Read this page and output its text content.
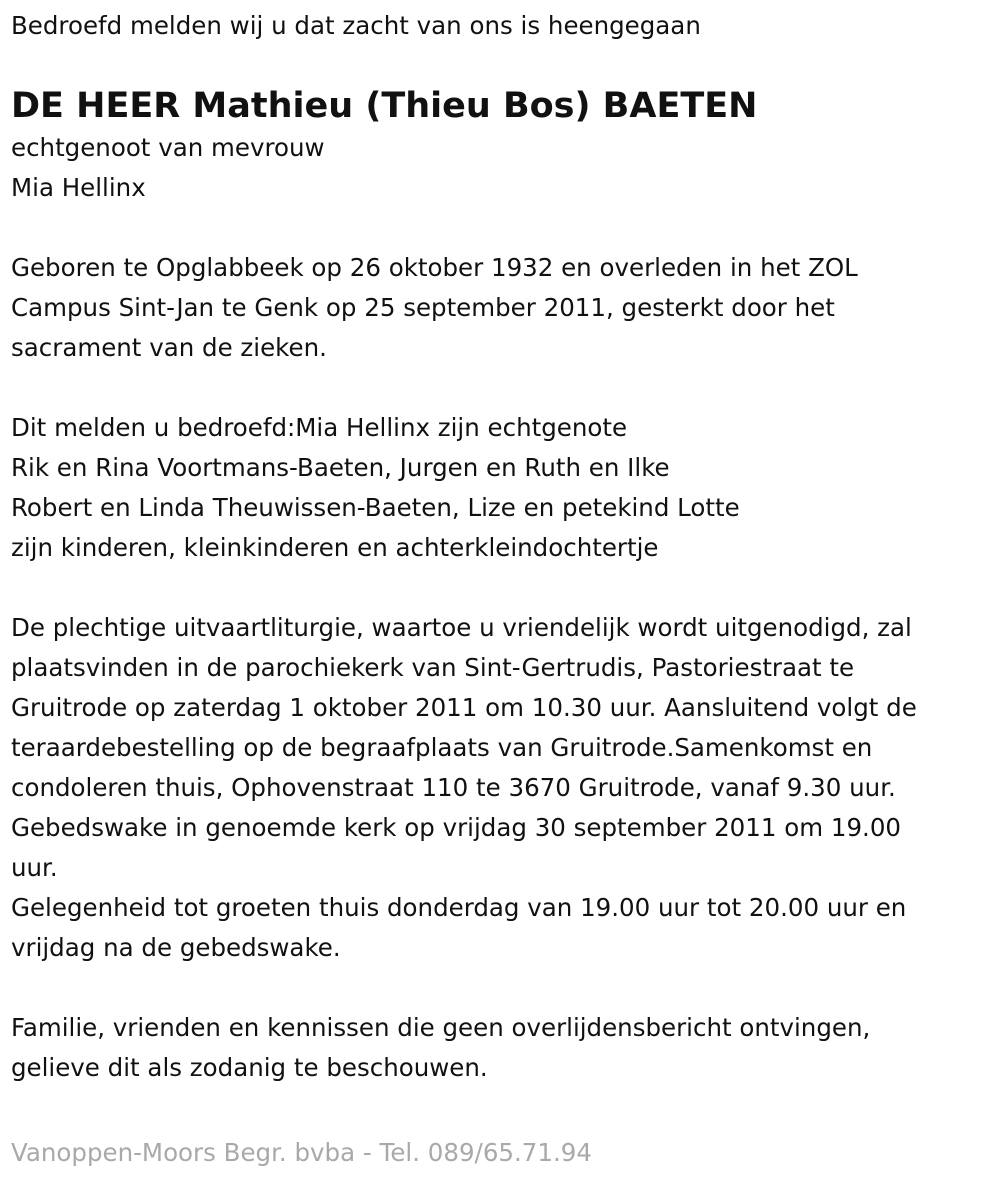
Bedroefd melden wij u dat zacht van ons is heengegaan
DE HEER Mathieu (Thieu Bos) BAETEN
echtgenoot van mevrouw
Mia Hellinx
Geboren te Opglabbeek op 26 oktober 1932 en overleden in het ZOL
Campus Sint-Jan te Genk op 25 september 2011, gesterkt door het
sacrament van de zieken.
Dit melden u bedroefd:Mia Hellinx zijn echtgenote
Rik en Rina Voortmans-Baeten, Jurgen en Ruth en Ilke
Robert en Linda Theuwissen-Baeten, Lize en petekind Lotte
zijn kinderen, kleinkinderen en achterkleindochtertje
De plechtige uitvaartliturgie, waartoe u vriendelijk wordt uitgenodigd, zal
plaatsvinden in de parochiekerk van Sint-Gertrudis, Pastoriestraat te
Gruitrode op zaterdag 1 oktober 2011 om 10.30 uur. Aansluitend volgt de
teraardebestelling op de begraafplaats van Gruitrode.Samenkomst en
condoleren thuis, Ophovenstraat 110 te 3670 Gruitrode, vanaf 9.30 uur.
Gebedswake in genoemde kerk op vrijdag 30 september 2011 om 19.00
uur.
Gelegenheid tot groeten thuis donderdag van 19.00 uur tot 20.00 uur en
vrijdag na de gebedswake.
Familie, vrienden en kennissen die geen overlijdensbericht ontvingen,
gelieve dit als zodanig te beschouwen.
Vanoppen-Moors Begr. bvba - Tel. 089/65.71.94
